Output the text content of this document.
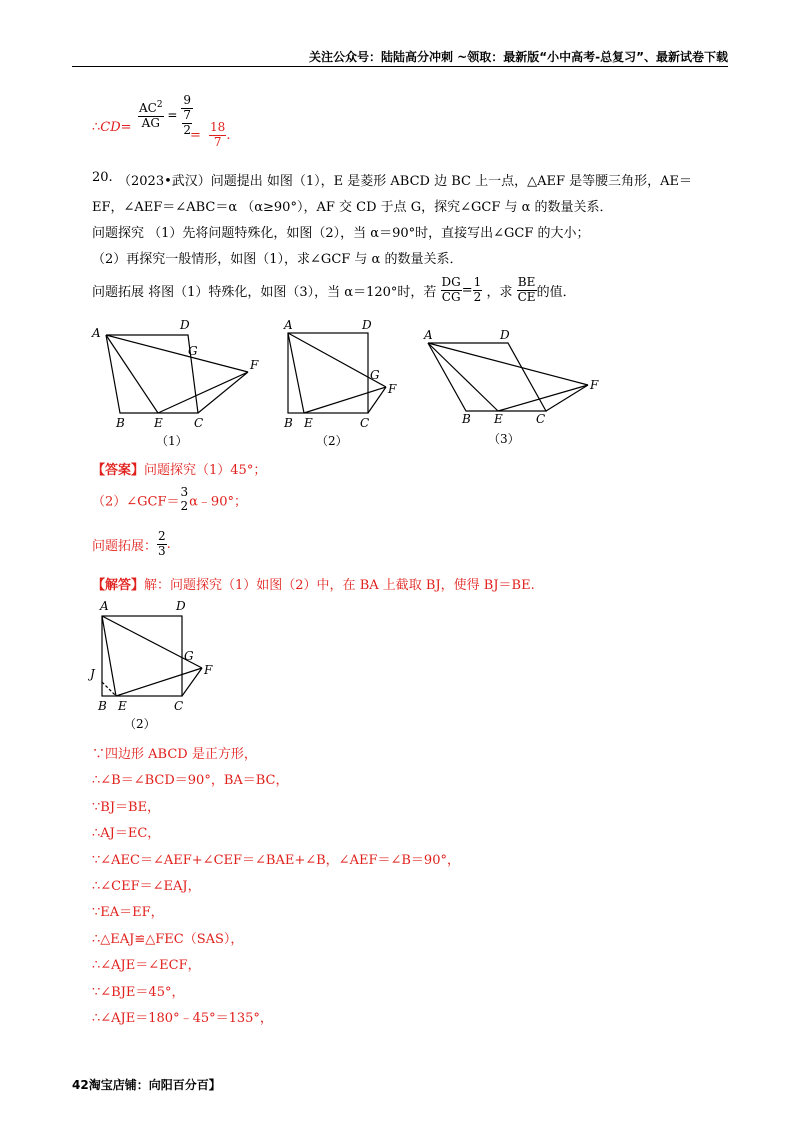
关注公众号：陆陆高分冲刺 ~领取：最新版“小中高考-总复习”、最新试卷下载
$\frac{AC^2}{AG} = \frac{9}{\frac{7}{2}}$
∴CD=
= $\frac{18}{7}$ .
20. （2023•武汉）问题提出 如图（1），E 是菱形 ABCD 边 BC 上一点，△AEF 是等腰三角形，AE＝
EF，∠AEF＝∠ABC＝α （α≥90°），AF 交 CD 于点 G，探究∠GCF 与 α 的数量关系．
问题探究 （1）先将问题特殊化，如图（2），当 α＝90°时，直接写出∠GCF 的大小；
（2）再探究一般情形，如图（1），求∠GCF 与 α 的数量关系．
问题拓展 将图（1）特殊化，如图（3），当 α＝120°时，若 $\frac{DG}{CG} = \frac{1}{2}$ ，求 $\frac{BE}{CE}$ 的值．
A
D
G
F
B E	C
（1）
A	D
G
F
B E	C
（2）
A	D
F
B E	C
（3）
【答案】问题探究（1）45°；
（2）∠GCF＝
3
2 α﹣90°；
问题拓展： $\frac{2}{3}$ .
【解答】解：问题探究（1）如图（2）中，在 BA 上截取 BJ，使得 BJ＝BE.
A	D
G
F
J
B E	C
（2）
∵四边形 ABCD 是正方形，
∴∠B＝∠BCD＝90°，BA＝BC，
∵BJ＝BE，
∴AJ＝EC，
∵∠AEC＝∠AEF+∠CEF＝∠BAE+∠B，∠AEF＝∠B＝90°，
∴∠CEF＝∠EAJ，
∵EA＝EF，
∴△EAJ≌△FEC（SAS），
∴∠AJE＝∠ECF，
∵∠BJE＝45°，
∴∠AJE＝180°﹣45°＝135°，
42淘宝店铺：向阳百分百】
